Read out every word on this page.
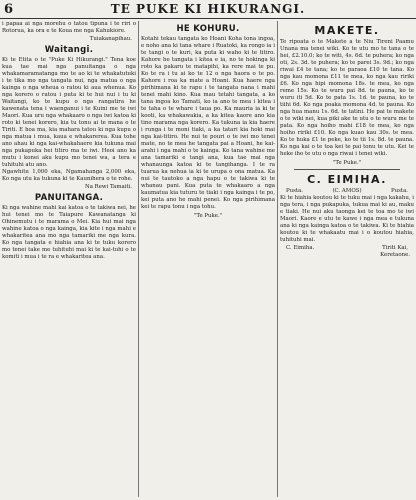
6	TE PUKE KI HIKURANGI.

i papaa ai nga morehu o tatou tipuna i te riri o Rotorua, ka ora e te Koua me nga Kahukiore.

Tuiakanapihau.
Waitangi.

Ki te Etita o te "Puke Ki Hikurangi." Tena koe kua tae mai nga panuitanga o nga whakamaramatanga mo te ao ki te whakatutuki i te tika mo nga tangata nui, nga matua o nga kainga o nga wheua o ratou ki aua whenua. Ko nga korero o ratou i puta ki te hui nui i tu ki Waitangi, ko te kupu o nga rangatira he kawenata tena i waenganui i te Kuini me te iwi Maori. Kua uru nga whakaaro o nga iwi katoa ki roto ki tenei korero, kia tu tonu ai te mana o te Tiriti. E hoa ma, kia mahara tatou ki nga kupu o nga matua i mua, kaua e whakarerea. Kua tohe ano ahau ki nga kai-whakahaere kia tukuna mai nga pukapuka hei titiro ma te iwi. Heoi ano ka mutu i konei aku kupu mo tenei wa, a tera e tuhituhi atu ano.

Ngawhitu 1,000 eka, Ngamahanga 2,000 eka, Ko nga utu ka tukuna ki te Kaunihera o te rohe.

Na Rewi Tamaiti.
PANUITANGA.

Ki nga wahine mahi kai katoa o te takiwa nei, he hui tenei mo te Taiapure Kawanatanga ki Ohinemutu i te marama o Mei. Kia hui mai nga wahine katoa o nga kainga, kia kite i nga mahi e whakaritea ana mo nga tamariki me nga kura. Ko nga tangata e hiahia ana ki te tuku korero mo tenei take me tuhituhi mai ki te kai-tuhi o te komiti i mua i te ra e whakaritea ana.

HE KOHURU.

Kotahi tekau tangata ko Hoani Koha tona ingoa, e noho ana ki tana whare i Ruatoki, ka rongo ia i te tangi o te kuri, ka puta ki waho ki te titiro. Kahore he tangata i kitea e ia, no te hokinga ki roto ka pakaru te matapihi, ka rere mai te pu. Ko te ra i tu ai ko te 12 o nga haora o te po. Kahore i roa ka mate a Hoani. Kua haere nga pirihimana ki te rapu i te tangata nana i mahi tenei mahi kino. Kua mau tetahi tangata, a ko tana ingoa ko Tamati, ko ia ano te mea i kitea i te taha o te whare i taua po. Ka mauria ia ki te kooti, ka whakawakia, a ka kitea kaore ano kia tino marama nga korero. Ka tukuna ia kia haere i runga i te moni tiaki, a ka tatari kia hoki mai nga kai-titiro. He nui te pouri o te iwi mo tenei mate, no te mea he tangata pai a Hoani, he kai-arahi i nga mahi o te kainga. Ko tana wahine me ana tamariki e tangi ana, kua tae mai nga whanaunga katoa ki te tangihanga. I te ra tuarua ka nehua ia ki te urupa o ona matua. Ka nui te tautoko a nga hapu o te takiwa ki te whanau pani. Kua puta te whakaaro a nga kaumatua kia tuturu te tiaki i nga kainga i te po, kei puta ano he mahi penei. Ko nga pirihimana kei te rapu tonu i nga tohu.

"Te Puke."
MAKETE.

Te ripoata o te Makete a te Niu Tireni Paamu Unana ma tenei wiki. Ko te utu mo te tana o te hei, £2.10.0; ko te witi, 4s. 6d. te puhera; ko nga oti, 2s. 3d. te puhera; ko te parei 3s. 9d.; ko nga riwai £4 te tana; ko te paraoa £10 te tana. Ko nga kau momona £11 te mea, ko nga kau ririki £6. Ko nga hipi momona 18s. te mea, ko nga reme 15s. Ko te wuru pai 8d. te pauna, ko te wuru iti 5d. Ko te pata 1s. 1d. te pauna, ko te tiihi 6d. Ko nga poaka momona 4d. te pauna. Ko nga hua manu 1s. 6d. te tatini. He pai te makete o te wiki nei, kua piki ake te utu o te wuru me te pata. Ko nga hoiho mahi £18 te mea, ko nga hoiho ririki £10. Ko nga kuao kau 30s. te mea. Ko te huka £1 te peke, ko te tii 1s. 8d. te pauna. Ko nga kai o te toa kei te pai tonu te utu. Kei te heke iho te utu o nga riwai i tenei wiki.

"Te Puke."
C. EIMIHA.
Pusta.	(C. AMOS)	Pusta.

Ki te hiahia koutou ki te tuku mai i nga kakahu, i nga tera, i nga pukapuka, tukua mai ki au, maku e tiaki. He nui aku taonga kei te toa mo te iwi Maori. Kaore e utu te kawe i nga mea e tukuna ana ki nga kainga katoa o te takiwa. Ki te hiahia koutou ki te whakaatu mai i o koutou hiahia, tuhituhi mai.

C. Eimiha.	Tiriti Kai,
Keretaone.
